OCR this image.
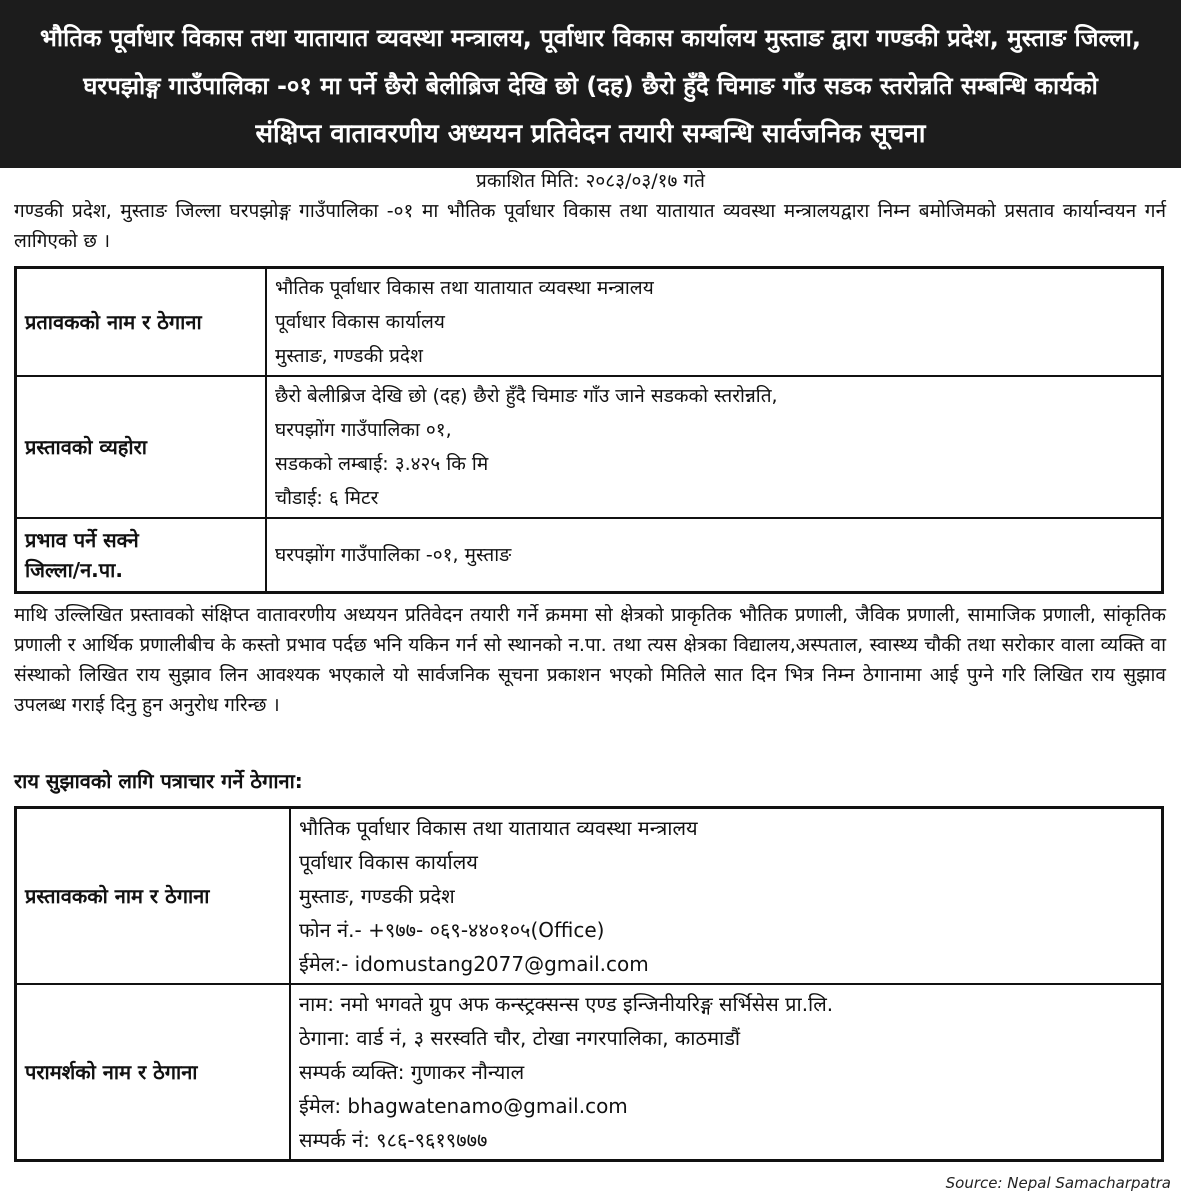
भौतिक पूर्वाधार विकास तथा यातायात व्यवस्था मन्त्रालय, पूर्वाधार विकास कार्यालय मुस्ताङ द्वारा गण्डकी प्रदेश, मुस्ताङ जिल्ला,
घरपझोङ्ग गाउँपालिका -०१ मा पर्ने छैरो बेलीब्रिज देखि छो (दह) छैरो हुँदै चिमाङ गाँउ सडक स्तरोन्नति सम्बन्धि कार्यको
संक्षिप्त वातावरणीय अध्ययन प्रतिवेदन तयारी सम्बन्धि सार्वजनिक सूचना
प्रकाशित मिति: २०८३/०३/१७ गते

गण्डकी प्रदेश, मुस्ताङ जिल्ला घरपझोङ्ग गाउँपालिका -०१ मा भौतिक पूर्वाधार विकास तथा यातायात व्यवस्था मन्त्रालयद्वारा निम्न बमोजिमको प्रसताव कार्यान्वयन गर्न लागिएको छ ।

प्रतावकको नाम र ठेगाना	भौतिक पूर्वाधार विकास तथा यातायात व्यवस्था मन्त्रालय
पूर्वाधार विकास कार्यालय
मुस्ताङ, गण्डकी प्रदेश

प्रस्तावको व्यहोरा	छैरो बेलीब्रिज देखि छो (दह) छैरो हुँदै चिमाङ गाँउ जाने सडकको स्तरोन्नति,
घरपझोंग गाउँपालिका ०१,
सडकको लम्बाई: ३.४२५ कि मि
चौडाई: ६ मिटर

प्रभाव पर्ने सक्ने
जिल्ला/न.पा.	घरपझोंग गाउँपालिका -०१, मुस्ताङ

माथि उल्लिखित प्रस्तावको संक्षिप्त वातावरणीय अध्ययन प्रतिवेदन तयारी गर्ने क्रममा सो क्षेत्रको प्राकृतिक भौतिक प्रणाली, जैविक प्रणाली, सामाजिक प्रणाली, सांकृतिक प्रणाली र आर्थिक प्रणालीबीच के कस्तो प्रभाव पर्दछ भनि यकिन गर्न सो स्थानको न.पा. तथा त्यस क्षेत्रका विद्यालय,अस्पताल, स्वास्थ्य चौकी तथा सरोकार वाला व्यक्ति वा संस्थाको लिखित राय सुझाव लिन आवश्यक भएकाले यो सार्वजनिक सूचना प्रकाशन भएको मितिले सात दिन भित्र निम्न ठेगानामा आई पुग्ने गरि लिखित राय सुझाव उपलब्ध गराई दिनु हुन अनुरोध गरिन्छ ।

राय सुझावको लागि पत्राचार गर्ने ठेगाना:

प्रस्तावकको नाम र ठेगाना	भौतिक पूर्वाधार विकास तथा यातायात व्यवस्था मन्त्रालय
पूर्वाधार विकास कार्यालय
मुस्ताङ, गण्डकी प्रदेश
फोन नं.- +९७७- ०६९-४४०१०५(Office)
ईमेल:- idomustang2077@gmail.com

परामर्शको नाम र ठेगाना	नाम: नमो भगवते ग्रुप अफ कन्स्ट्रक्सन्स एण्ड इन्जिनीयरिङ्ग सर्भिसेस प्रा.लि.
ठेगाना: वार्ड नं, ३ सरस्वति चौर, टोखा नगरपालिका, काठमाडौं
सम्पर्क व्यक्ति: गुणाकर नौन्याल
ईमेल: bhagwatenamo@gmail.com
सम्पर्क नं: ९८६-९६१९७७७
Source: Nepal Samacharpatra
